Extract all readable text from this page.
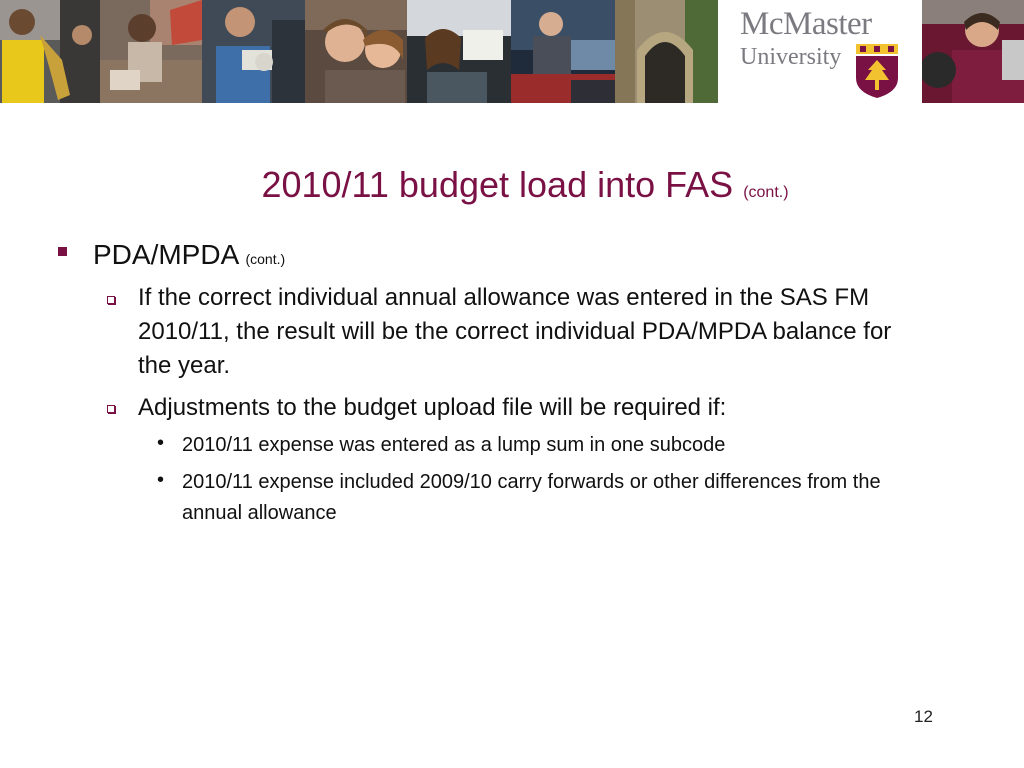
McMaster
University
2010/11 budget load into FAS (cont.)
PDA/MPDA (cont.)
If the correct individual annual allowance was entered in the SAS FM 2010/11, the result will be the correct individual PDA/MPDA balance for the year.
Adjustments to the budget upload file will be required if:
• 2010/11 expense was entered as a lump sum in one subcode
• 2010/11 expense included 2009/10 carry forwards or other differences from the annual allowance
12
